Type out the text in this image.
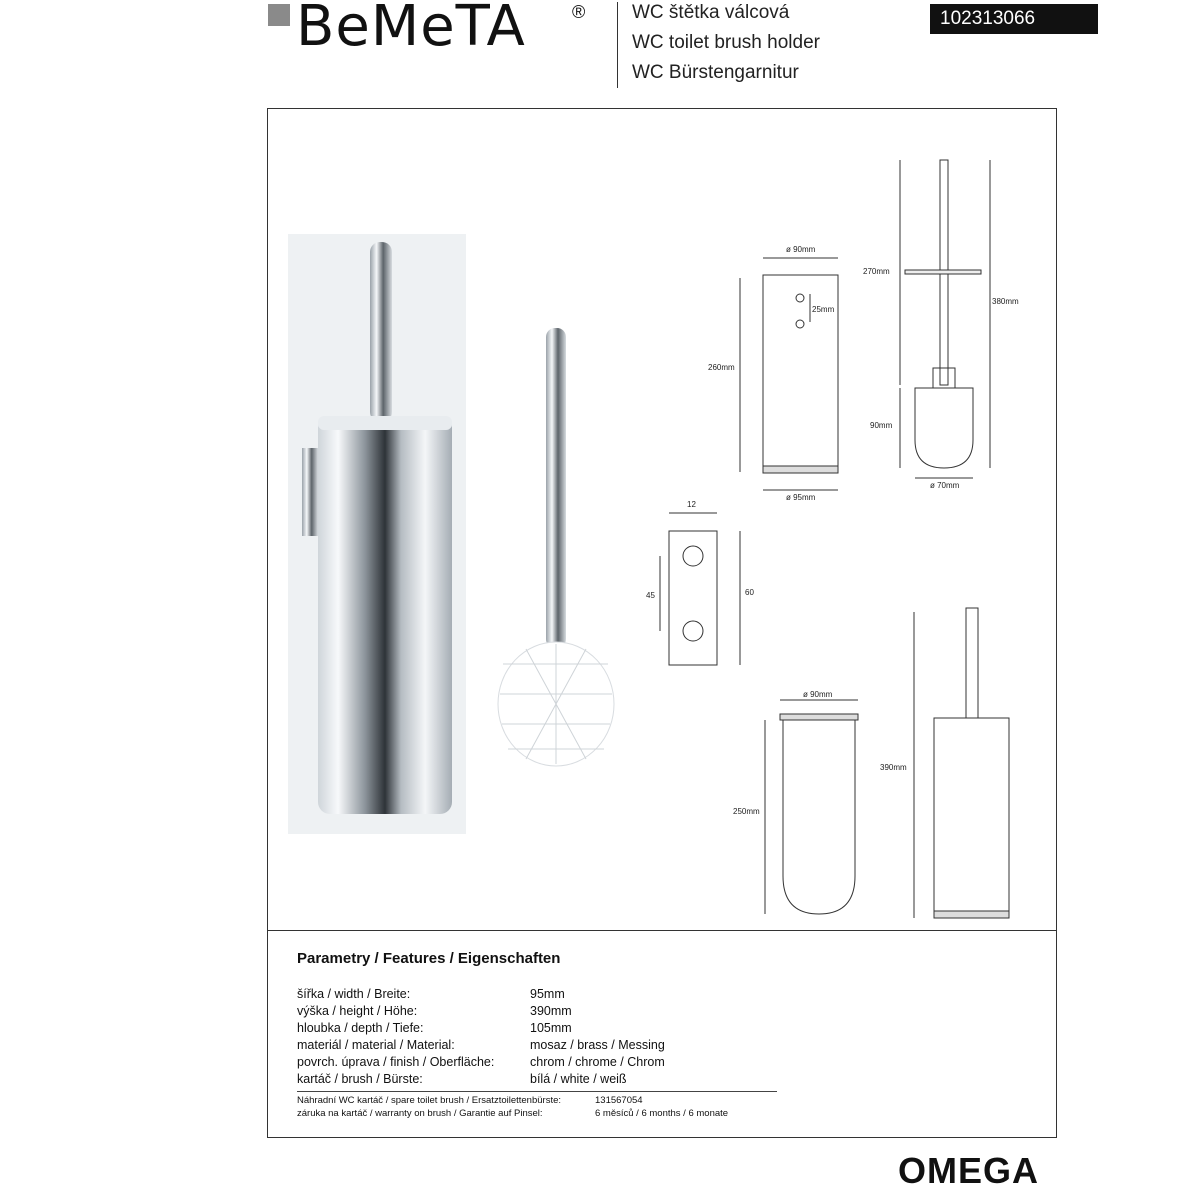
BeMeTA	® WC štětka válcová
WC toilet brush holder
WC Bürstengarnitur
102313066
ø 90mm
25mm
260mm
ø 95mm
270mm
380mm
90mm
ø 70mm
12
45	60
ø 90mm
250mm
390mm
Parametry / Features / Eigenschaften
šířka / width / Breite:	95mm
výška / height / Höhe:	390mm
hloubka / depth / Tiefe:	105mm
materiál / material / Material:	mosaz / brass / Messing
povrch. úprava / finish / Oberfläche:	chrom / chrome / Chrom
kartáč / brush / Bürste:	bílá / white / weiß
Náhradní WC kartáč / spare toilet brush / Ersatztoilettenbürste:	131567054
záruka na kartáč / warranty on brush / Garantie auf Pinsel:	6 měsíců / 6 months / 6 monate
OMEGA
